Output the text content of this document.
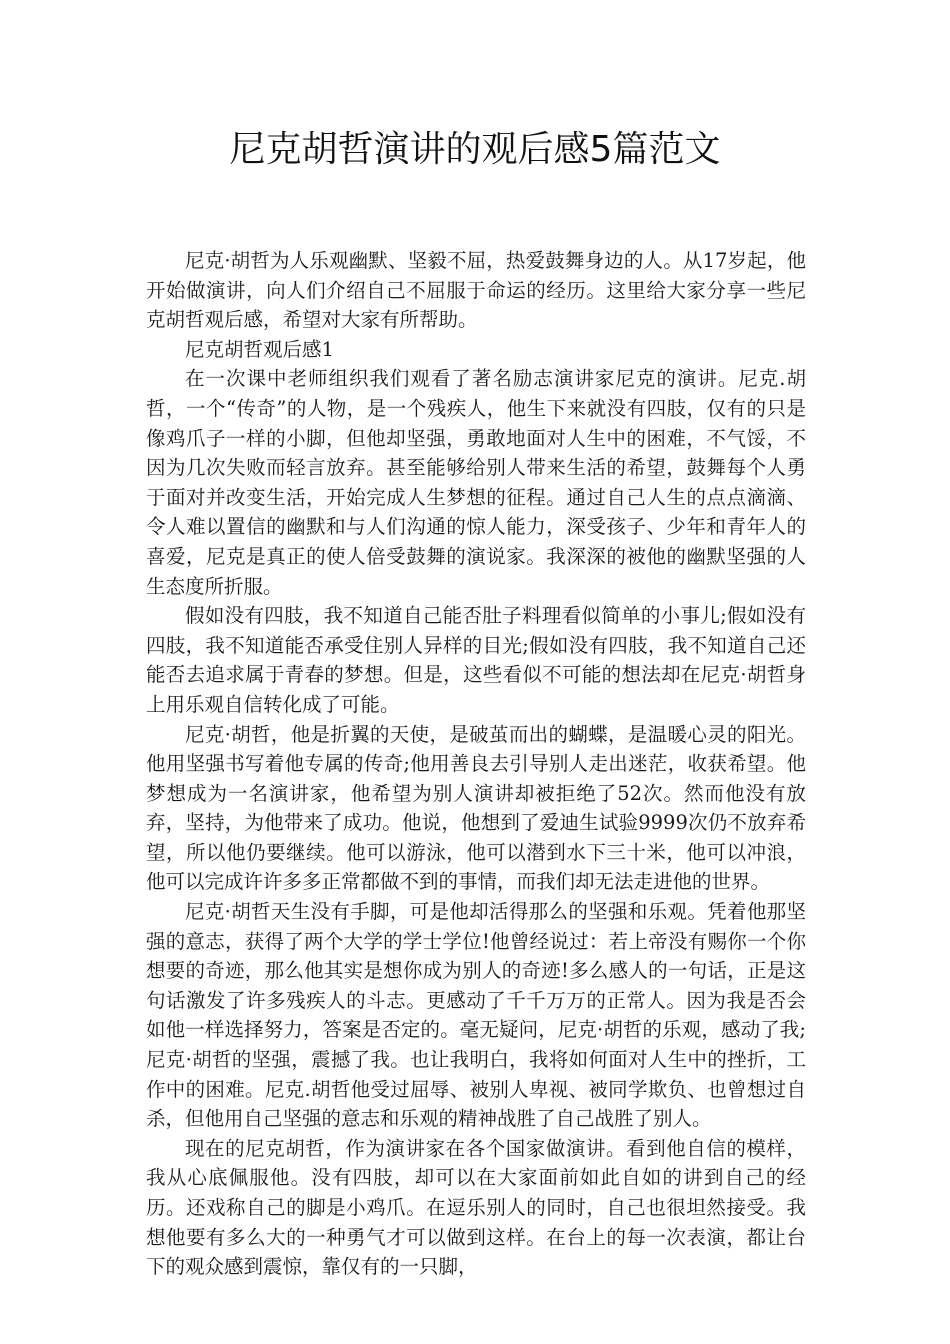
尼克胡哲演讲的观后感5篇范文

尼克·胡哲为人乐观幽默、坚毅不屈，热爱鼓舞身边的人。从17岁起，他开始做演讲，向人们介绍自己不屈服于命运的经历。这里给大家分享一些尼克胡哲观后感，希望对大家有所帮助。

尼克胡哲观后感1

在一次课中老师组织我们观看了著名励志演讲家尼克的演讲。尼克.胡哲，一个“传奇”的人物，是一个残疾人，他生下来就没有四肢，仅有的只是像鸡爪子一样的小脚，但他却坚强，勇敢地面对人生中的困难，不气馁，不因为几次失败而轻言放弃。甚至能够给别人带来生活的希望，鼓舞每个人勇于面对并改变生活，开始完成人生梦想的征程。通过自己人生的点点滴滴、令人难以置信的幽默和与人们沟通的惊人能力，深受孩子、少年和青年人的喜爱，尼克是真正的使人倍受鼓舞的演说家。我深深的被他的幽默坚强的人生态度所折服。

假如没有四肢，我不知道自己能否肚子料理看似简单的小事儿;假如没有四肢，我不知道能否承受住别人异样的目光;假如没有四肢，我不知道自己还能否去追求属于青春的梦想。但是，这些看似不可能的想法却在尼克·胡哲身上用乐观自信转化成了可能。

尼克·胡哲，他是折翼的天使，是破茧而出的蝴蝶，是温暖心灵的阳光。他用坚强书写着他专属的传奇;他用善良去引导别人走出迷茫，收获希望。他梦想成为一名演讲家，他希望为别人演讲却被拒绝了52次。然而他没有放弃，坚持，为他带来了成功。他说，他想到了爱迪生试验9999次仍不放弃希望，所以他仍要继续。他可以游泳，他可以潜到水下三十米，他可以冲浪，他可以完成许许多多正常都做不到的事情，而我们却无法走进他的世界。

尼克·胡哲天生没有手脚，可是他却活得那么的坚强和乐观。凭着他那坚强的意志，获得了两个大学的学士学位!他曾经说过：若上帝没有赐你一个你想要的奇迹，那么他其实是想你成为别人的奇迹!多么感人的一句话，正是这句话激发了许多残疾人的斗志。更感动了千千万万的正常人。因为我是否会如他一样选择努力，答案是否定的。毫无疑问，尼克·胡哲的乐观，感动了我;尼克·胡哲的坚强，震撼了我。也让我明白，我将如何面对人生中的挫折，工作中的困难。尼克.胡哲他受过屈辱、被别人卑视、被同学欺负、也曾想过自杀，但他用自己坚强的意志和乐观的精神战胜了自己战胜了别人。

现在的尼克胡哲，作为演讲家在各个国家做演讲。看到他自信的模样，我从心底佩服他。没有四肢，却可以在大家面前如此自如的讲到自己的经历。还戏称自己的脚是小鸡爪。在逗乐别人的同时，自己也很坦然接受。我想他要有多么大的一种勇气才可以做到这样。在台上的每一次表演，都让台下的观众感到震惊，靠仅有的一只脚，
